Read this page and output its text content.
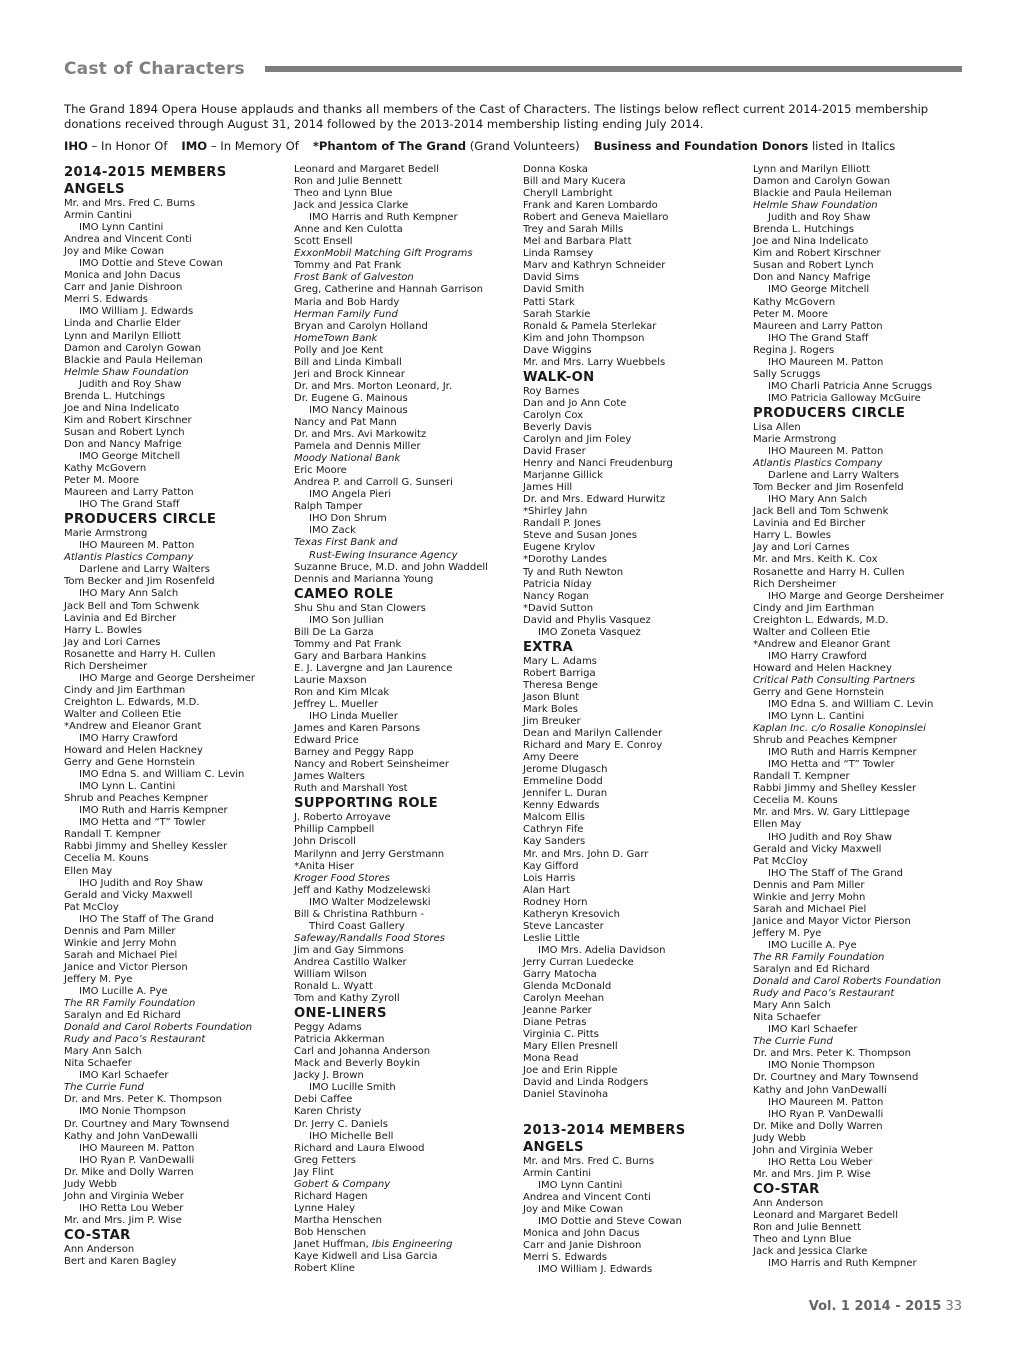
Cast of Characters

The Grand 1894 Opera House applauds and thanks all members of the Cast of Characters. The listings below reflect current 2014-2015 membership donations received through August 31, 2014 followed by the 2013-2014 membership listing ending July 2014.

IHO – In Honor Of IMO – In Memory Of *Phantom of The Grand (Grand Volunteers) Business and Foundation Donors listed in Italics

2014-2015 MEMBERS
ANGELS
Mr. and Mrs. Fred C. Burns
Armin Cantini
IMO Lynn Cantini
Andrea and Vincent Conti
Joy and Mike Cowan
IMO Dottie and Steve Cowan
Monica and John Dacus
Carr and Janie Dishroon
Merri S. Edwards
IMO William J. Edwards
Linda and Charlie Elder
Lynn and Marilyn Elliott
Damon and Carolyn Gowan
Blackie and Paula Heileman
Helmle Shaw Foundation
Judith and Roy Shaw
Brenda L. Hutchings
Joe and Nina Indelicato
Kim and Robert Kirschner
Susan and Robert Lynch
Don and Nancy Mafrige
IMO George Mitchell
Kathy McGovern
Peter M. Moore
Maureen and Larry Patton
IHO The Grand Staff
PRODUCERS CIRCLE
Marie Armstrong
IHO Maureen M. Patton
Atlantis Plastics Company
Darlene and Larry Walters
Tom Becker and Jim Rosenfeld
IHO Mary Ann Salch
Jack Bell and Tom Schwenk
Lavinia and Ed Bircher
Harry L. Bowles
Jay and Lori Carnes
Rosanette and Harry H. Cullen
Rich Dersheimer
IHO Marge and George Dersheimer
Cindy and Jim Earthman
Creighton L. Edwards, M.D.
Walter and Colleen Etie
*Andrew and Eleanor Grant
IMO Harry Crawford
Howard and Helen Hackney
Gerry and Gene Hornstein
IMO Edna S. and William C. Levin
IMO Lynn L. Cantini
Shrub and Peaches Kempner
IMO Ruth and Harris Kempner
IMO Hetta and “T” Towler
Randall T. Kempner
Rabbi Jimmy and Shelley Kessler
Cecelia M. Kouns
Ellen May
IHO Judith and Roy Shaw
Gerald and Vicky Maxwell
Pat McCloy
IHO The Staff of The Grand
Dennis and Pam Miller
Winkie and Jerry Mohn
Sarah and Michael Piel
Janice and Victor Pierson
Jeffery M. Pye
IMO Lucille A. Pye
The RR Family Foundation
Saralyn and Ed Richard
Donald and Carol Roberts Foundation
Rudy and Paco’s Restaurant
Mary Ann Salch
Nita Schaefer
IMO Karl Schaefer
The Currie Fund
Dr. and Mrs. Peter K. Thompson
IMO Nonie Thompson
Dr. Courtney and Mary Townsend
Kathy and John VanDewalli
IHO Maureen M. Patton
IHO Ryan P. VanDewalli
Dr. Mike and Dolly Warren
Judy Webb
John and Virginia Weber
IHO Retta Lou Weber
Mr. and Mrs. Jim P. Wise
CO-STAR
Ann Anderson
Bert and Karen Bagley
Leonard and Margaret Bedell
Ron and Julie Bennett
Theo and Lynn Blue
Jack and Jessica Clarke
IMO Harris and Ruth Kempner
Anne and Ken Culotta
Scott Ensell
ExxonMobil Matching Gift Programs
Tommy and Pat Frank
Frost Bank of Galveston
Greg, Catherine and Hannah Garrison
Maria and Bob Hardy
Herman Family Fund
Bryan and Carolyn Holland
HomeTown Bank
Polly and Joe Kent
Bill and Linda Kimball
Jeri and Brock Kinnear
Dr. and Mrs. Morton Leonard, Jr.
Dr. Eugene G. Mainous
IMO Nancy Mainous
Nancy and Pat Mann
Dr. and Mrs. Avi Markowitz
Pamela and Dennis Miller
Moody National Bank
Eric Moore
Andrea P. and Carroll G. Sunseri
IMO Angela Pieri
Ralph Tamper
IHO Don Shrum
IMO Zack
Texas First Bank and
Rust-Ewing Insurance Agency
Suzanne Bruce, M.D. and John Waddell
Dennis and Marianna Young
CAMEO ROLE
Shu Shu and Stan Clowers
IMO Son Jullian
Bill De La Garza
Tommy and Pat Frank
Gary and Barbara Hankins
E. J. Lavergne and Jan Laurence
Laurie Maxson
Ron and Kim Mlcak
Jeffrey L. Mueller
IHO Linda Mueller
James and Karen Parsons
Edward Price
Barney and Peggy Rapp
Nancy and Robert Seinsheimer
James Walters
Ruth and Marshall Yost
SUPPORTING ROLE
J. Roberto Arroyave
Phillip Campbell
John Driscoll
Marilynn and Jerry Gerstmann
*Anita Hiser
Kroger Food Stores
Jeff and Kathy Modzelewski
IMO Walter Modzelewski
Bill & Christina Rathburn -
Third Coast Gallery
Safeway/Randalls Food Stores
Jim and Gay Simmons
Andrea Castillo Walker
William Wilson
Ronald L. Wyatt
Tom and Kathy Zyroll
ONE-LINERS
Peggy Adams
Patricia Akkerman
Carl and Johanna Anderson
Mack and Beverly Boykin
Jacky J. Brown
IMO Lucille Smith
Debi Caffee
Karen Christy
Dr. Jerry C. Daniels
IHO Michelle Bell
Richard and Laura Elwood
Greg Fetters
Jay Flint
Gobert & Company
Richard Hagen
Lynne Haley
Martha Henschen
Bob Henschen
Janet Huffman, Ibis Engineering
Kaye Kidwell and Lisa Garcia
Robert Kline
Donna Koska
Bill and Mary Kucera
Cheryll Lambright
Frank and Karen Lombardo
Robert and Geneva Maiellaro
Trey and Sarah Mills
Mel and Barbara Platt
Linda Ramsey
Marv and Kathryn Schneider
David Sims
David Smith
Patti Stark
Sarah Starkie
Ronald & Pamela Sterlekar
Kim and John Thompson
Dave Wiggins
Mr. and Mrs. Larry Wuebbels
WALK-ON
Roy Barnes
Dan and Jo Ann Cote
Carolyn Cox
Beverly Davis
Carolyn and Jim Foley
David Fraser
Henry and Nanci Freudenburg
Marjanne Gillick
James Hill
Dr. and Mrs. Edward Hurwitz
*Shirley Jahn
Randall P. Jones
Steve and Susan Jones
Eugene Krylov
*Dorothy Landes
Ty and Ruth Newton
Patricia Niday
Nancy Rogan
*David Sutton
David and Phylis Vasquez
IMO Zoneta Vasquez
EXTRA
Mary L. Adams
Robert Barriga
Theresa Benge
Jason Blunt
Mark Boles
Jim Breuker
Dean and Marilyn Callender
Richard and Mary E. Conroy
Amy Deere
Jerome Dlugasch
Emmeline Dodd
Jennifer L. Duran
Kenny Edwards
Malcom Ellis
Cathryn Fife
Kay Sanders
Mr. and Mrs. John D. Garr
Kay Gifford
Lois Harris
Alan Hart
Rodney Horn
Katheryn Kresovich
Steve Lancaster
Leslie Little
IMO Mrs. Adelia Davidson
Jerry Curran Luedecke
Garry Matocha
Glenda McDonald
Carolyn Meehan
Jeanne Parker
Diane Petras
Virginia C. Pitts
Mary Ellen Presnell
Mona Read
Joe and Erin Ripple
David and Linda Rodgers
Daniel Stavinoha
2013-2014 MEMBERS
ANGELS
Mr. and Mrs. Fred C. Burns
Armin Cantini
IMO Lynn Cantini
Andrea and Vincent Conti
Joy and Mike Cowan
IMO Dottie and Steve Cowan
Monica and John Dacus
Carr and Janie Dishroon
Merri S. Edwards
IMO William J. Edwards
Lynn and Marilyn Elliott
Damon and Carolyn Gowan
Blackie and Paula Heileman
Helmle Shaw Foundation
Judith and Roy Shaw
Brenda L. Hutchings
Joe and Nina Indelicato
Kim and Robert Kirschner
Susan and Robert Lynch
Don and Nancy Mafrige
IMO George Mitchell
Kathy McGovern
Peter M. Moore
Maureen and Larry Patton
IHO The Grand Staff
Regina J. Rogers
IHO Maureen M. Patton
Sally Scruggs
IMO Charli Patricia Anne Scruggs
IMO Patricia Galloway McGuire
PRODUCERS CIRCLE
Lisa Allen
Marie Armstrong
IHO Maureen M. Patton
Atlantis Plastics Company
Darlene and Larry Walters
Tom Becker and Jim Rosenfeld
IHO Mary Ann Salch
Jack Bell and Tom Schwenk
Lavinia and Ed Bircher
Harry L. Bowles
Jay and Lori Carnes
Mr. and Mrs. Keith K. Cox
Rosanette and Harry H. Cullen
Rich Dersheimer
IHO Marge and George Dersheimer
Cindy and Jim Earthman
Creighton L. Edwards, M.D.
Walter and Colleen Etie
*Andrew and Eleanor Grant
IMO Harry Crawford
Howard and Helen Hackney
Critical Path Consulting Partners
Gerry and Gene Hornstein
IMO Edna S. and William C. Levin
IMO Lynn L. Cantini
Kaplan Inc. c/o Rosalie Konopinslei
Shrub and Peaches Kempner
IMO Ruth and Harris Kempner
IMO Hetta and “T” Towler
Randall T. Kempner
Rabbi Jimmy and Shelley Kessler
Cecelia M. Kouns
Mr. and Mrs. W. Gary Littlepage
Ellen May
IHO Judith and Roy Shaw
Gerald and Vicky Maxwell
Pat McCloy
IHO The Staff of The Grand
Dennis and Pam Miller
Winkie and Jerry Mohn
Sarah and Michael Piel
Janice and Mayor Victor Pierson
Jeffery M. Pye
IMO Lucille A. Pye
The RR Family Foundation
Saralyn and Ed Richard
Donald and Carol Roberts Foundation
Rudy and Paco’s Restaurant
Mary Ann Salch
Nita Schaefer
IMO Karl Schaefer
The Currie Fund
Dr. and Mrs. Peter K. Thompson
IMO Nonie Thompson
Dr. Courtney and Mary Townsend
Kathy and John VanDewalli
IHO Maureen M. Patton
IHO Ryan P. VanDewalli
Dr. Mike and Dolly Warren
Judy Webb
John and Virginia Weber
IHO Retta Lou Weber
Mr. and Mrs. Jim P. Wise
CO-STAR
Ann Anderson
Leonard and Margaret Bedell
Ron and Julie Bennett
Theo and Lynn Blue
Jack and Jessica Clarke
IMO Harris and Ruth Kempner
Vol. 1 2014 - 2015 33
